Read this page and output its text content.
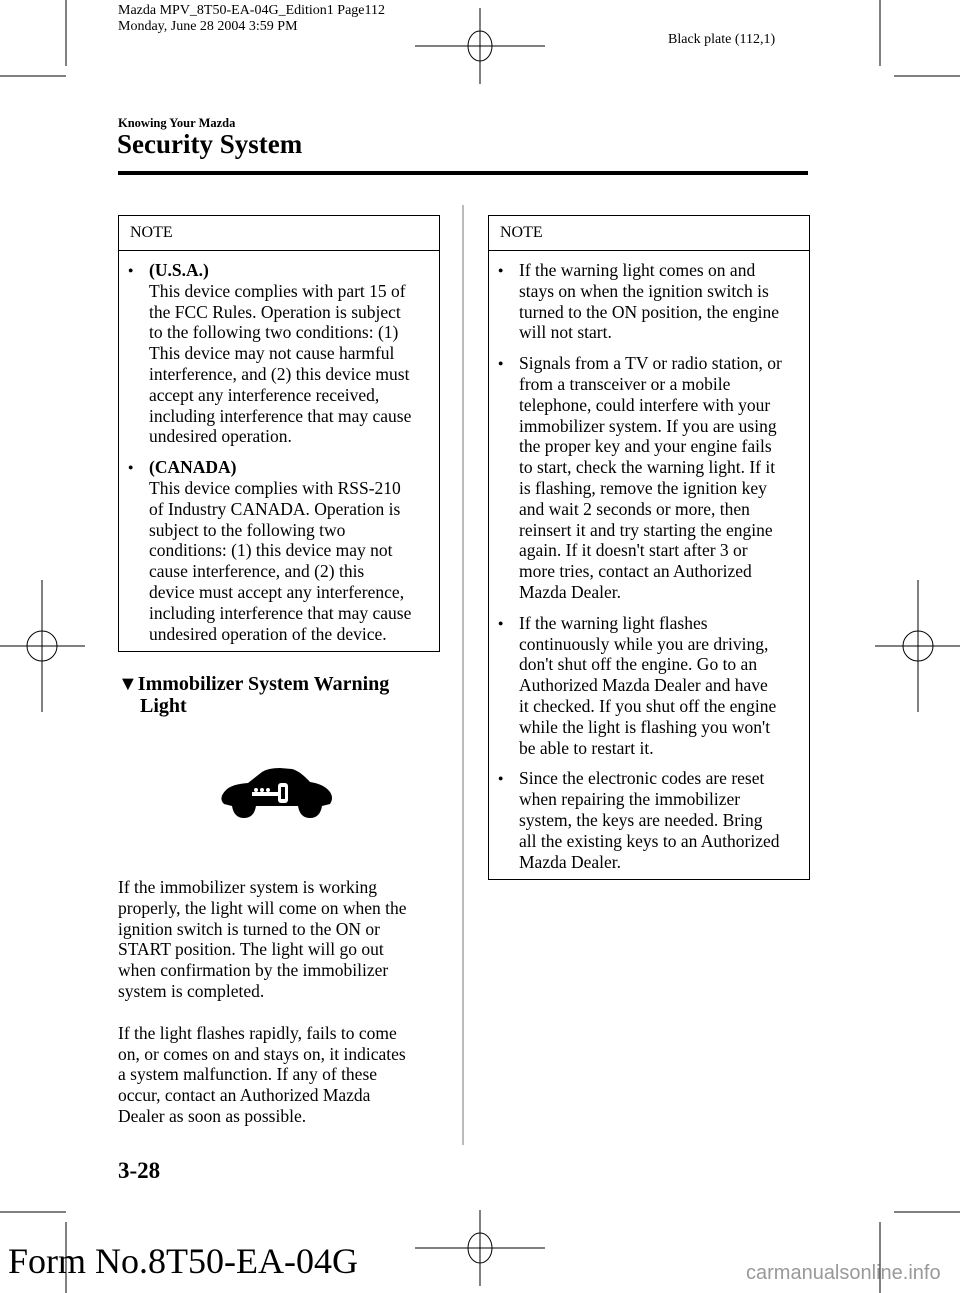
Mazda MPV_8T50-EA-04G_Edition1 Page112
Monday, June 28 2004 3:59 PM
Black plate (112,1)
Knowing Your Mazda
Security System
NOTE
● (U.S.A.)
This device complies with part 15 of
the FCC Rules. Operation is subject
to the following two conditions: (1)
This device may not cause harmful
interference, and (2) this device must
accept any interference received,
including interference that may cause
undesired operation.
● (CANADA)
This device complies with RSS-210
of Industry CANADA. Operation is
subject to the following two
conditions: (1) this device may not
cause interference, and (2) this
device must accept any interference,
including interference that may cause
undesired operation of the device.
▼Immobilizer System Warning
Light
If the immobilizer system is working
properly, the light will come on when the
ignition switch is turned to the ON or
START position. The light will go out
when confirmation by the immobilizer
system is completed.
If the light flashes rapidly, fails to come
on, or comes on and stays on, it indicates
a system malfunction. If any of these
occur, contact an Authorized Mazda
Dealer as soon as possible.
NOTE
● If the warning light comes on and
stays on when the ignition switch is
turned to the ON position, the engine
will not start.
● Signals from a TV or radio station, or
from a transceiver or a mobile
telephone, could interfere with your
immobilizer system. If you are using
the proper key and your engine fails
to start, check the warning light. If it
is flashing, remove the ignition key
and wait 2 seconds or more, then
reinsert it and try starting the engine
again. If it doesn't start after 3 or
more tries, contact an Authorized
Mazda Dealer.
● If the warning light flashes
continuously while you are driving,
don't shut off the engine. Go to an
Authorized Mazda Dealer and have
it checked. If you shut off the engine
while the light is flashing you won't
be able to restart it.
● Since the electronic codes are reset
when repairing the immobilizer
system, the keys are needed. Bring
all the existing keys to an Authorized
Mazda Dealer.
3-28
Form No.8T50-EA-04G	carmanualsonline.info
